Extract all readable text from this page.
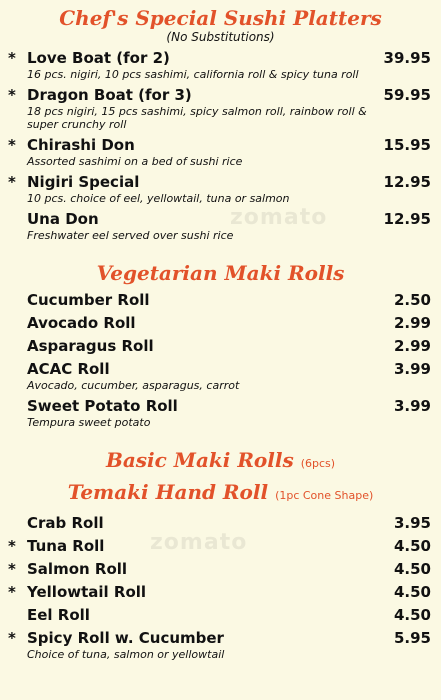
Chef's Special Sushi Platters

(No Substitutions)

* Love Boat (for 2)	39.95
16 pcs. nigiri, 10 pcs sashimi, california roll & spicy tuna roll
* Dragon Boat (for 3)	59.95
18 pcs nigiri, 15 pcs sashimi, spicy salmon roll, rainbow roll & super crunchy roll
* Chirashi Don	15.95
Assorted sashimi on a bed of sushi rice
* Nigiri Special	12.95
10 pcs. choice of eel, yellowtail, tuna or salmon
Una Don	12.95
Freshwater eel served over sushi rice
Vegetarian Maki Rolls
Cucumber Roll	2.50
Avocado Roll	2.99
Asparagus Roll	2.99
ACAC Roll	3.99
Avocado, cucumber, asparagus, carrot
Sweet Potato Roll	3.99
Tempura sweet potato
Basic Maki Rolls (6pcs)
Temaki Hand Roll (1pc Cone Shape)
Crab Roll	3.95
* Tuna Roll	4.50
* Salmon Roll	4.50
* Yellowtail Roll	4.50
Eel Roll	4.50
* Spicy Roll w. Cucumber	5.95
Choice of tuna, salmon or yellowtail
zomato
zomato
